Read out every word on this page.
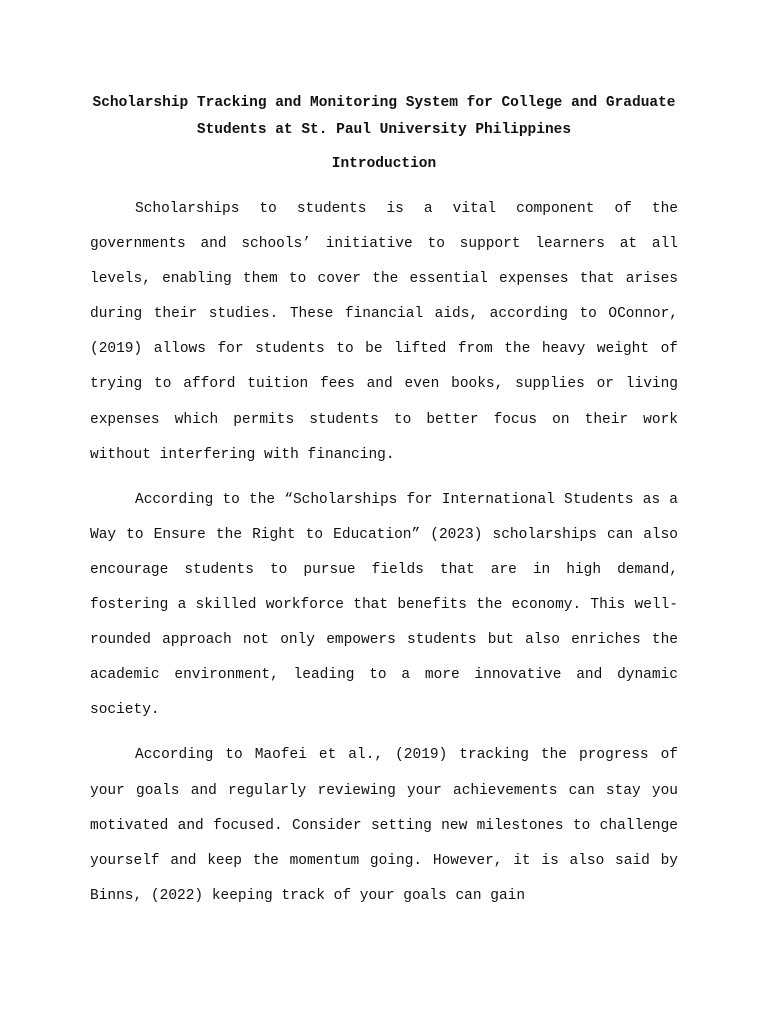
Scholarship Tracking and Monitoring System for College and Graduate Students at St. Paul University Philippines
Introduction

Scholarships to students is a vital component of the governments and schools’ initiative to support learners at all levels, enabling them to cover the essential expenses that arises during their studies. These financial aids, according to OConnor, (2019) allows for students to be lifted from the heavy weight of trying to afford tuition fees and even books, supplies or living expenses which permits students to better focus on their work without interfering with financing.

According to the “Scholarships for International Students as a Way to Ensure the Right to Education” (2023) scholarships can also encourage students to pursue fields that are in high demand, fostering a skilled workforce that benefits the economy. This well-rounded approach not only empowers students but also enriches the academic environment, leading to a more innovative and dynamic society.

According to Maofei et al., (2019) tracking the progress of your goals and regularly reviewing your achievements can stay you motivated and focused. Consider setting new milestones to challenge yourself and keep the momentum going. However, it is also said by Binns, (2022) keeping track of your goals can gain
